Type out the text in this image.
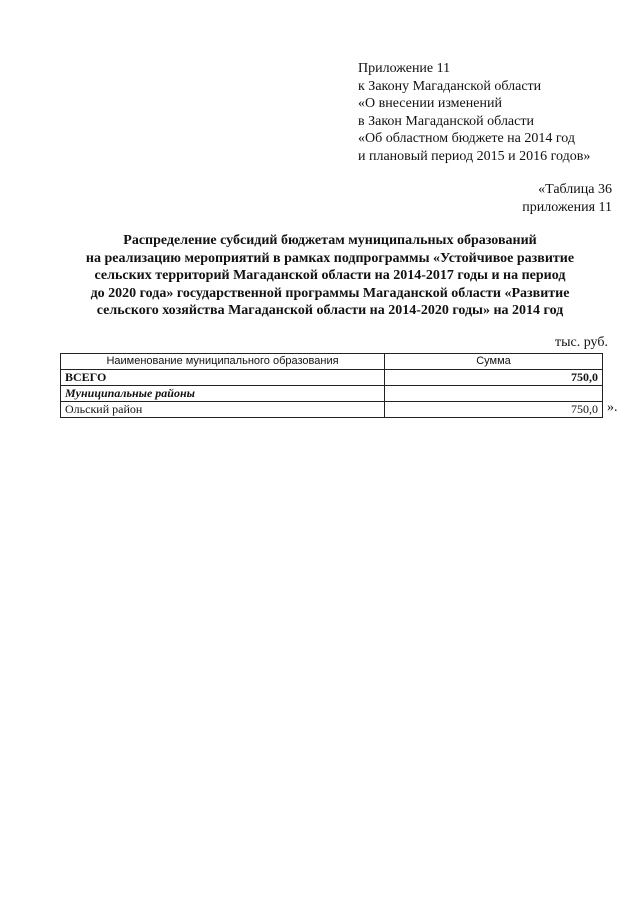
Приложение 11
к Закону Магаданской области
«О внесении изменений
в Закон Магаданской области
«Об областном бюджете на 2014 год
и плановый период 2015 и 2016 годов»
«Таблица 36
приложения 11
Распределение субсидий бюджетам муниципальных образований
на реализацию мероприятий в рамках подпрограммы «Устойчивое развитие
сельских территорий Магаданской области на 2014-2017 годы и на период
до 2020 года» государственной программы Магаданской области «Развитие
сельского хозяйства Магаданской области на 2014-2020 годы» на 2014 год
тыс. руб.
Наименование муниципального образования	Сумма
ВСЕГО	750,0
Муниципальные районы	
Ольский район	750,0 ».
